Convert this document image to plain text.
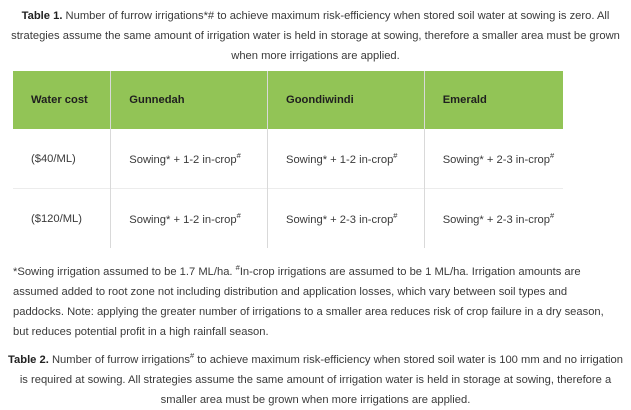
Table 1. Number of furrow irrigations*# to achieve maximum risk-efficiency when stored soil water at sowing is zero. All strategies assume the same amount of irrigation water is held in storage at sowing, therefore a smaller area must be grown when more irrigations are applied.
Water cost	Gunnedah	Goondiwindi	Emerald
($40/ML)	Sowing* + 1-2 in-crop#	Sowing* + 1-2 in-crop#	Sowing* + 2-3 in-crop#
($120/ML)	Sowing* + 1-2 in-crop#	Sowing* + 2-3 in-crop#	Sowing* + 2-3 in-crop#
*Sowing irrigation assumed to be 1.7 ML/ha. #In-crop irrigations are assumed to be 1 ML/ha. Irrigation amounts are assumed added to root zone not including distribution and application losses, which vary between soil types and paddocks. Note: applying the greater number of irrigations to a smaller area reduces risk of crop failure in a dry season, but reduces potential profit in a high rainfall season.
Table 2. Number of furrow irrigations# to achieve maximum risk-efficiency when stored soil water is 100 mm and no irrigation is required at sowing. All strategies assume the same amount of irrigation water is held in storage at sowing, therefore a smaller area must be grown when more irrigations are applied.
